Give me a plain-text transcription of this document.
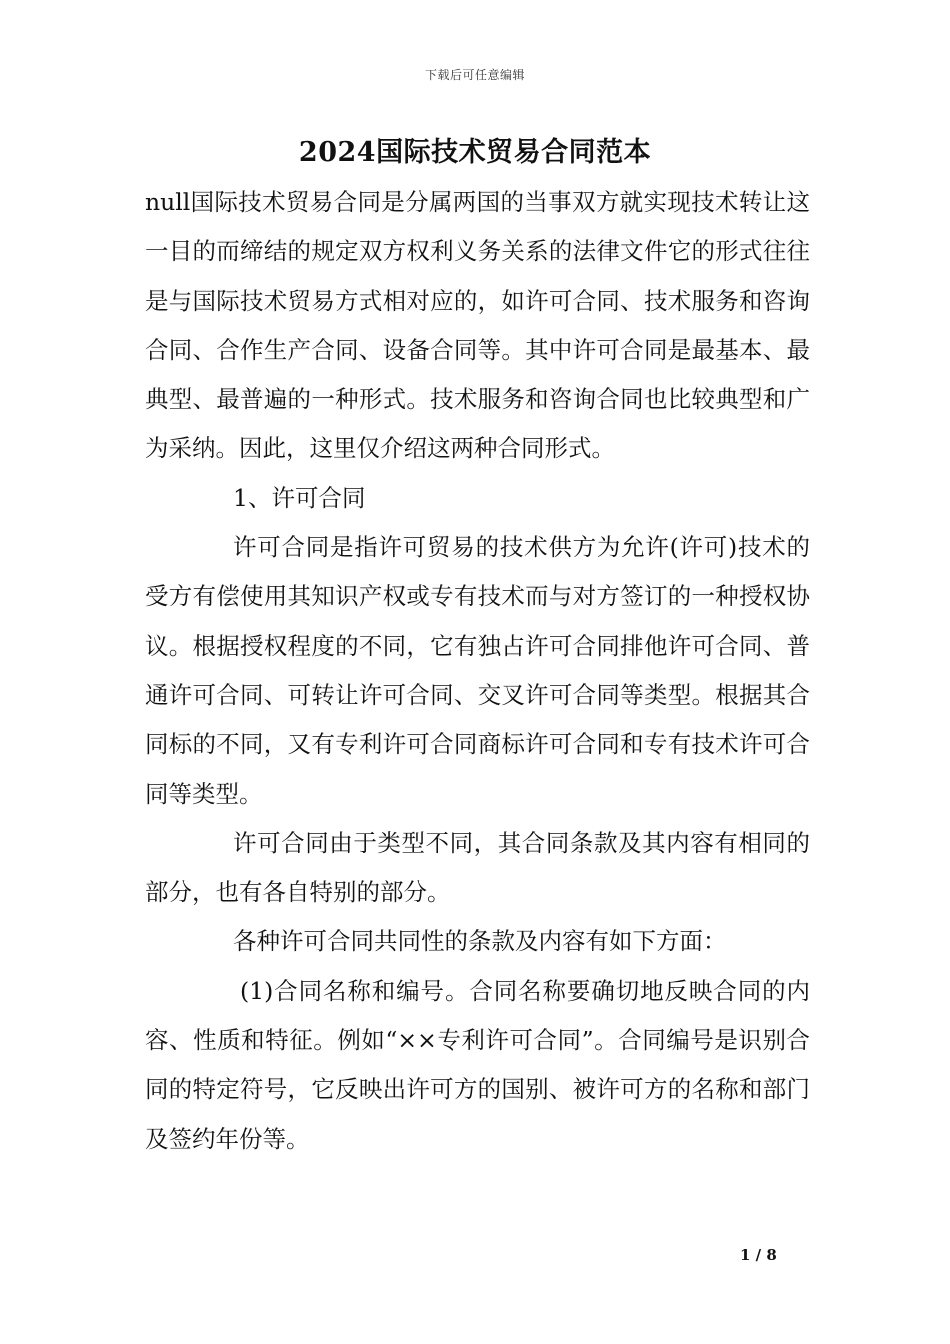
下载后可任意编辑
2024国际技术贸易合同范本

null国际技术贸易合同是分属两国的当事双方就实现技术转让这一目的而缔结的规定双方权利义务关系的法律文件它的形式往往是与国际技术贸易方式相对应的，如许可合同、技术服务和咨询合同、合作生产合同、设备合同等。其中许可合同是最基本、最典型、最普遍的一种形式。技术服务和咨询合同也比较典型和广为采纳。因此，这里仅介绍这两种合同形式。

1、许可合同

许可合同是指许可贸易的技术供方为允许(许可)技术的受方有偿使用其知识产权或专有技术而与对方签订的一种授权协议。根据授权程度的不同，它有独占许可合同排他许可合同、普通许可合同、可转让许可合同、交叉许可合同等类型。根据其合同标的不同，又有专利许可合同商标许可合同和专有技术许可合同等类型。

许可合同由于类型不同，其合同条款及其内容有相同的部分，也有各自特别的部分。

各种许可合同共同性的条款及内容有如下方面：

(1)合同名称和编号。合同名称要确切地反映合同的内容、性质和特征。例如“××专利许可合同”。合同编号是识别合同的特定符号，它反映出许可方的国别、被许可方的名称和部门及签约年份等。

1 / 8
